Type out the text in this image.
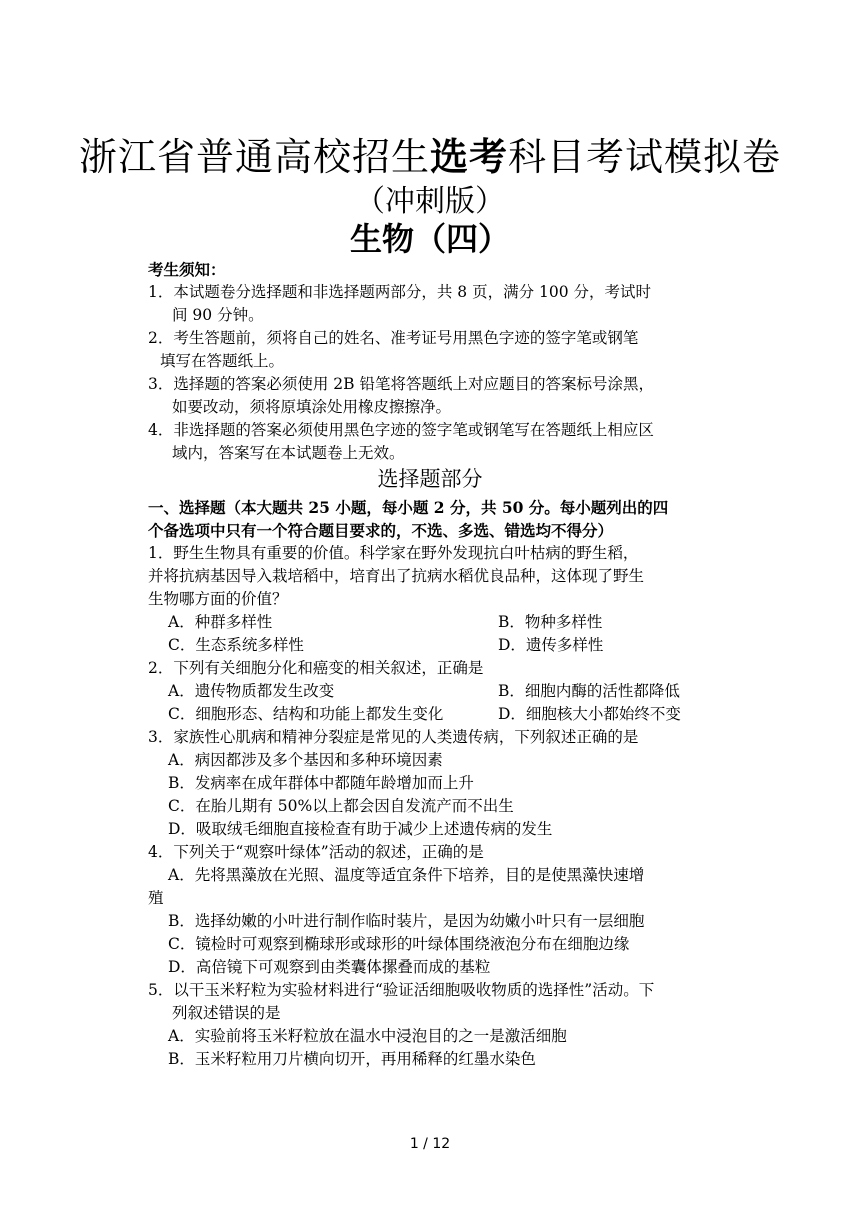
浙江省普通高校招生选考科目考试模拟卷
（冲刺版）
生物（四）
考生须知：
1．本试题卷分选择题和非选择题两部分，共 8 页，满分 100 分，考试时
间 90 分钟。
2．考生答题前，须将自己的姓名、准考证号用黑色字迹的签字笔或钢笔
填写在答题纸上。
3．选择题的答案必须使用 2B 铅笔将答题纸上对应题目的答案标号涂黑，
如要改动，须将原填涂处用橡皮擦擦净。
4．非选择题的答案必须使用黑色字迹的签字笔或钢笔写在答题纸上相应区
域内，答案写在本试题卷上无效。
选择题部分
一、选择题（本大题共 25 小题，每小题 2 分，共 50 分。每小题列出的四
个备选项中只有一个符合题目要求的，不选、多选、错选均不得分）
1．野生生物具有重要的价值。科学家在野外发现抗白叶枯病的野生稻，
并将抗病基因导入栽培稻中，培育出了抗病水稻优良品种，这体现了野生
生物哪方面的价值？
A．种群多样性	B．物种多样性
C．生态系统多样性	D．遗传多样性
2．下列有关细胞分化和癌变的相关叙述，正确是
A．遗传物质都发生改变	B．细胞内酶的活性都降低
C．细胞形态、结构和功能上都发生变化	D．细胞核大小都始终不变
3．家族性心肌病和精神分裂症是常见的人类遗传病，下列叙述正确的是
A．病因都涉及多个基因和多种环境因素
B．发病率在成年群体中都随年龄增加而上升
C．在胎儿期有 50%以上都会因自发流产而不出生
D．吸取绒毛细胞直接检查有助于减少上述遗传病的发生
4．下列关于“观察叶绿体”活动的叙述，正确的是
A．先将黑藻放在光照、温度等适宜条件下培养，目的是使黑藻快速增
殖
B．选择幼嫩的小叶进行制作临时装片，是因为幼嫩小叶只有一层细胞
C．镜检时可观察到椭球形或球形的叶绿体围绕液泡分布在细胞边缘
D．高倍镜下可观察到由类囊体摞叠而成的基粒
5．以干玉米籽粒为实验材料进行“验证活细胞吸收物质的选择性”活动。下
列叙述错误的是
A．实验前将玉米籽粒放在温水中浸泡目的之一是激活细胞
B．玉米籽粒用刀片横向切开，再用稀释的红墨水染色
1 / 12
